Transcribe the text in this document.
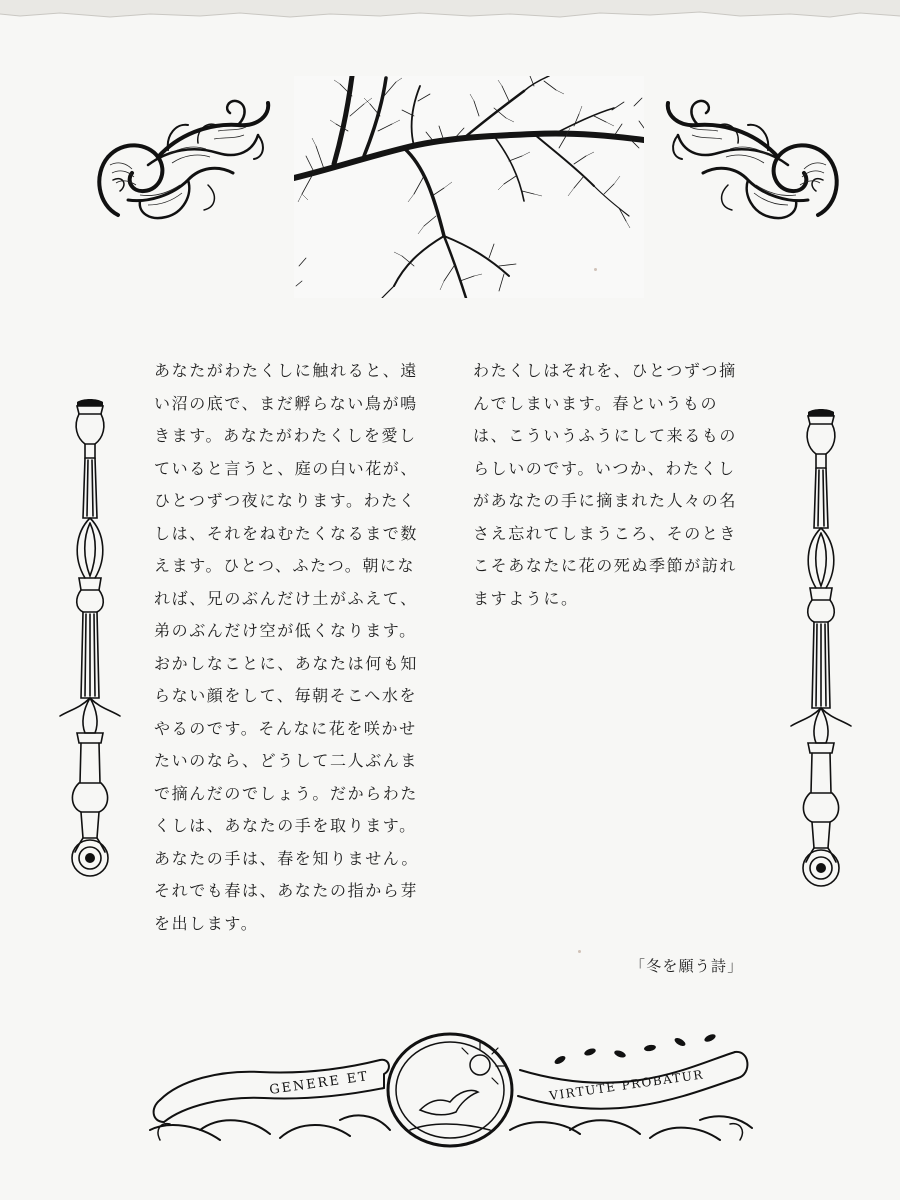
あなたがわたくしに触れると、遠
い沼の底で、まだ孵らない鳥が鳴
きます。あなたがわたくしを愛し
ていると言うと、庭の白い花が、
ひとつずつ夜になります。わたく
しは、それをねむたくなるまで数
えます。ひとつ、ふたつ。朝にな
れば、兄のぶんだけ土がふえて、
弟のぶんだけ空が低くなります。
おかしなことに、あなたは何も知
らない顔をして、毎朝そこへ水を
やるのです。そんなに花を咲かせ
たいのなら、どうして二人ぶんま
で摘んだのでしょう。だからわた
くしは、あなたの手を取ります。
あなたの手は、春を知りません。
それでも春は、あなたの指から芽
を出します。
わたくしはそれを、ひとつずつ摘
んでしまいます。春というもの
は、こういうふうにして来るもの
らしいのです。いつか、わたくし
があなたの手に摘まれた人々の名
さえ忘れてしまうころ、そのとき
こそあなたに花の死ぬ季節が訪れ
ますように。
「冬を願う詩」
GENERE ET	VIRTUTE PROBATUR
